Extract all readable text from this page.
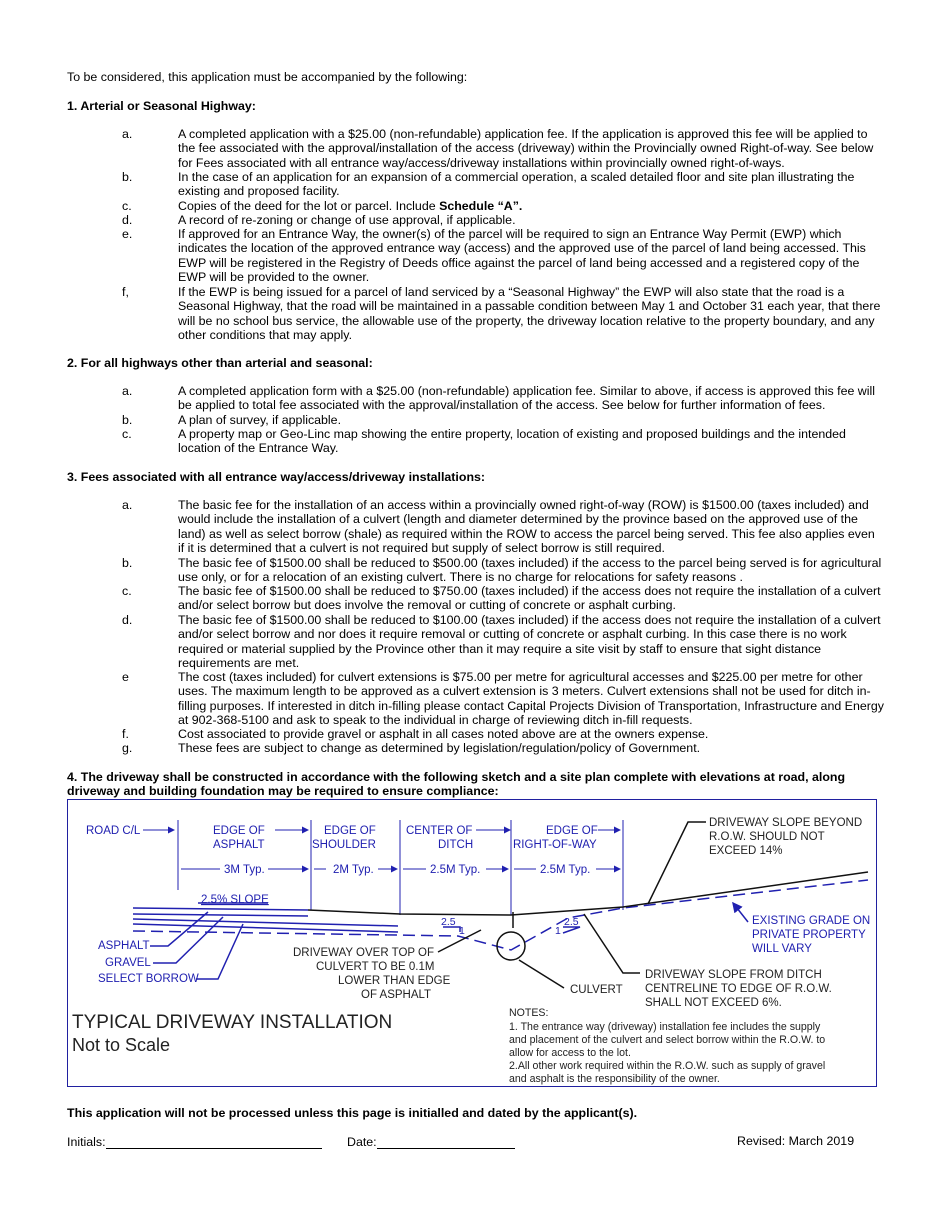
To be considered, this application must be accompanied by the following:
1. Arterial or Seasonal Highway:
a.	A completed application with a $25.00 (non-refundable) application fee. If the application is approved this fee will be applied to the fee associated with the approval/installation of the access (driveway) within the Provincially owned Right-of-way. See below for Fees associated with all entrance way/access/driveway installations within provincially owned right-of-ways.
b.	In the case of an application for an expansion of a commercial operation, a scaled detailed floor and site plan illustrating the existing and proposed facility.
c.	Copies of the deed for the lot or parcel. Include Schedule “A”.
d.	A record of re-zoning or change of use approval, if applicable.
e.	If approved for an Entrance Way, the owner(s) of the parcel will be required to sign an Entrance Way Permit (EWP) which indicates the location of the approved entrance way (access) and the approved use of the parcel of land being accessed. This EWP will be registered in the Registry of Deeds office against the parcel of land being accessed and a registered copy of the EWP will be provided to the owner.
f,	If the EWP is being issued for a parcel of land serviced by a “Seasonal Highway” the EWP will also state that the road is a Seasonal Highway, that the road will be maintained in a passable condition between May 1 and October 31 each year, that there will be no school bus service, the allowable use of the property, the driveway location relative to the property boundary, and any other conditions that may apply.
2. For all highways other than arterial and seasonal:
a.	A completed application form with a $25.00 (non-refundable) application fee. Similar to above, if access is approved this fee will be applied to total fee associated with the approval/installation of the access. See below for further information of fees.
b.	A plan of survey, if applicable.
c.	A property map or Geo-Linc map showing the entire property, location of existing and proposed buildings and the intended location of the Entrance Way.
3. Fees associated with all entrance way/access/driveway installations:
a.	The basic fee for the installation of an access within a provincially owned right-of-way (ROW) is $1500.00 (taxes included) and would include the installation of a culvert (length and diameter determined by the province based on the approved use of the land) as well as select borrow (shale) as required within the ROW to access the parcel being served. This fee also applies even if it is determined that a culvert is not required but supply of select borrow is still required.
b.	The basic fee of $1500.00 shall be reduced to $500.00 (taxes included) if the access to the parcel being served is for agricultural use only, or for a relocation of an existing culvert. There is no charge for relocations for safety reasons .
c.	The basic fee of $1500.00 shall be reduced to $750.00 (taxes included) if the access does not require the installation of a culvert and/or select borrow but does involve the removal or cutting of concrete or asphalt curbing.
d.	The basic fee of $1500.00 shall be reduced to $100.00 (taxes included) if the access does not require the installation of a culvert and/or select borrow and nor does it require removal or cutting of concrete or asphalt curbing. In this case there is no work required or material supplied by the Province other than it may require a site visit by staff to ensure that sight distance requirements are met.
e	The cost (taxes included) for culvert extensions is $75.00 per metre for agricultural accesses and $225.00 per metre for other uses. The maximum length to be approved as a culvert extension is 3 meters. Culvert extensions shall not be used for ditch in-filling purposes. If interested in ditch in-filling please contact Capital Projects Division of Transportation, Infrastructure and Energy at 902-368-5100 and ask to speak to the individual in charge of reviewing ditch in-fill requests.
f.	Cost associated to provide gravel or asphalt in all cases noted above are at the owners expense.
g.	These fees are subject to change as determined by legislation/regulation/policy of Government.
4. The driveway shall be constructed in accordance with the following sketch and a site plan complete with elevations at road, along driveway and building foundation may be required to ensure compliance:
ROAD C/L	EDGE OF
ASPHALT
EDGE OF
SHOULDER
CENTER OF
DITCH
EDGE OF
RIGHT-OF-WAY
3M Typ.	2M Typ.	2.5M Typ.	2.5M Typ.
2.5% SLOPE
2.5
1
2.5
1
ASPHALT
GRAVEL
SELECT BORROW
EXISTING GRADE ON
PRIVATE PROPERTY
WILL VARY
DRIVEWAY OVER TOP OF
CULVERT TO BE 0.1M
LOWER THAN EDGE
OF ASPHALT	CULVERT
DRIVEWAY SLOPE BEYOND
R.O.W. SHOULD NOT
EXCEED 14%
DRIVEWAY SLOPE FROM DITCH
CENTRELINE TO EDGE OF R.O.W.
SHALL NOT EXCEED 6%.
TYPICAL DRIVEWAY INSTALLATION
Not to Scale
NOTES:
1. The entrance way (driveway) installation fee includes the supply
and placement of the culvert and select borrow within the R.O.W. to
allow for access to the lot.
2.All other work required within the R.O.W. such as supply of gravel
and asphalt is the responsibility of the owner.
This application will not be processed unless this page is initialled and dated by the applicant(s).
Initials:	Date:	Revised: March 2019
